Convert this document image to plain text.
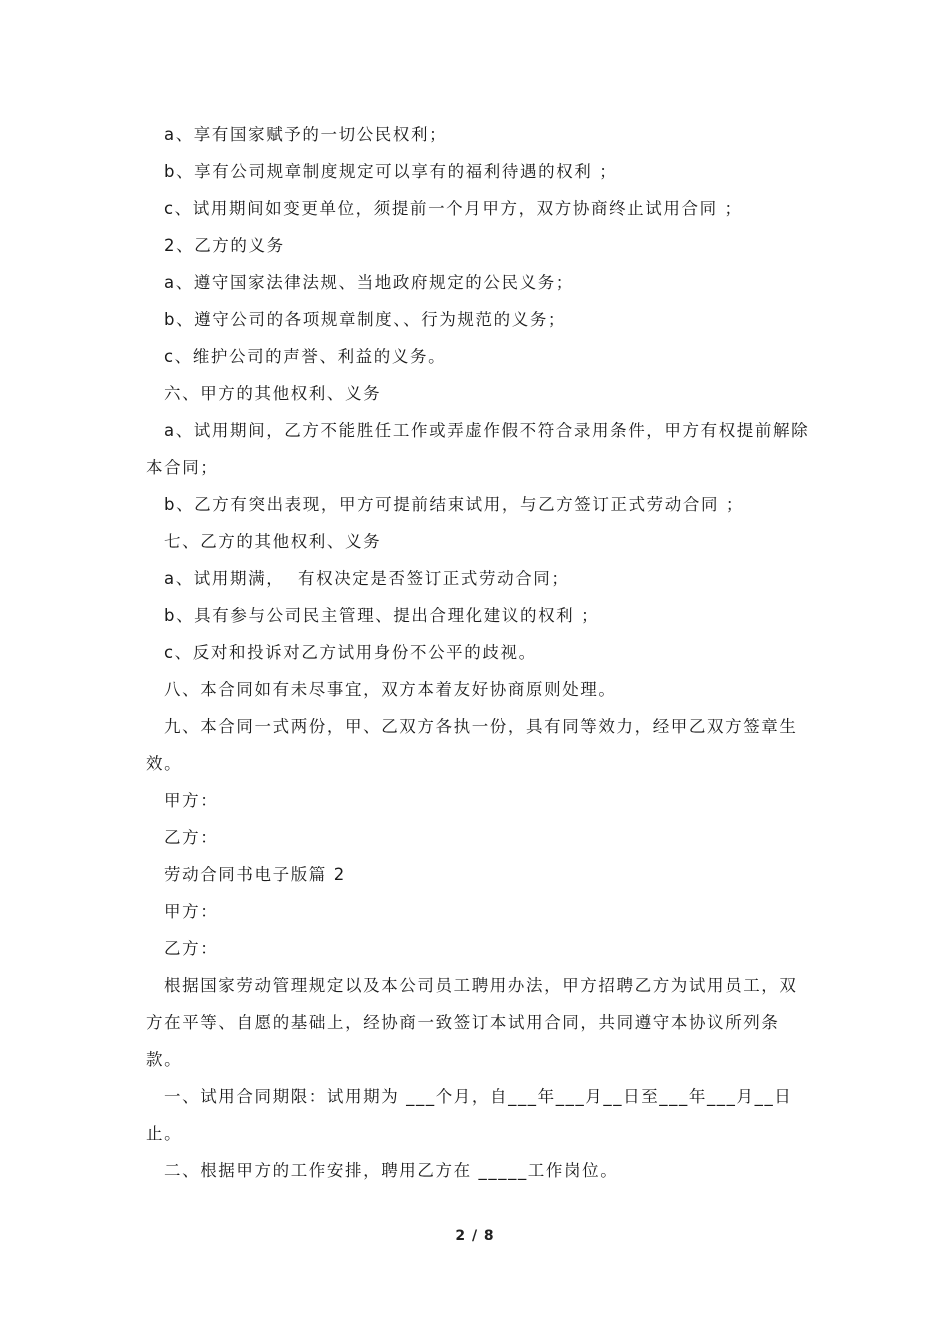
a、享有国家赋予的一切公民权利；
b、享有公司规章制度规定可以享有的福利待遇的权利 ；
c、试用期间如变更单位，须提前一个月甲方，双方协商终止试用合同 ；
2、乙方的义务
a、遵守国家法律法规、当地政府规定的公民义务；
b、遵守公司的各项规章制度、、行为规范的义务；
c、维护公司的声誉、利益的义务。
六、甲方的其他权利、义务
a、试用期间，乙方不能胜任工作或弄虚作假不符合录用条件，甲方有权提前解除本合同；
b、乙方有突出表现，甲方可提前结束试用，与乙方签订正式劳动合同 ；
七、乙方的其他权利、义务
a、试用期满，  有权决定是否签订正式劳动合同；
b、具有参与公司民主管理、提出合理化建议的权利 ；
c、反对和投诉对乙方试用身份不公平的歧视。
八、本合同如有未尽事宜，双方本着友好协商原则处理。
九、本合同一式两份，甲、乙双方各执一份，具有同等效力，经甲乙双方签章生效。
甲方：
乙方：
劳动合同书电子版篇 2
甲方：
乙方：
根据国家劳动管理规定以及本公司员工聘用办法，甲方招聘乙方为试用员工，双方在平等、自愿的基础上，经协商一致签订本试用合同，共同遵守本协议所列条款。
一、试用合同期限：试用期为 ___个月，自___年___月__日至___年___月__日止。
二、根据甲方的工作安排，聘用乙方在 _____工作岗位。
2 / 8
